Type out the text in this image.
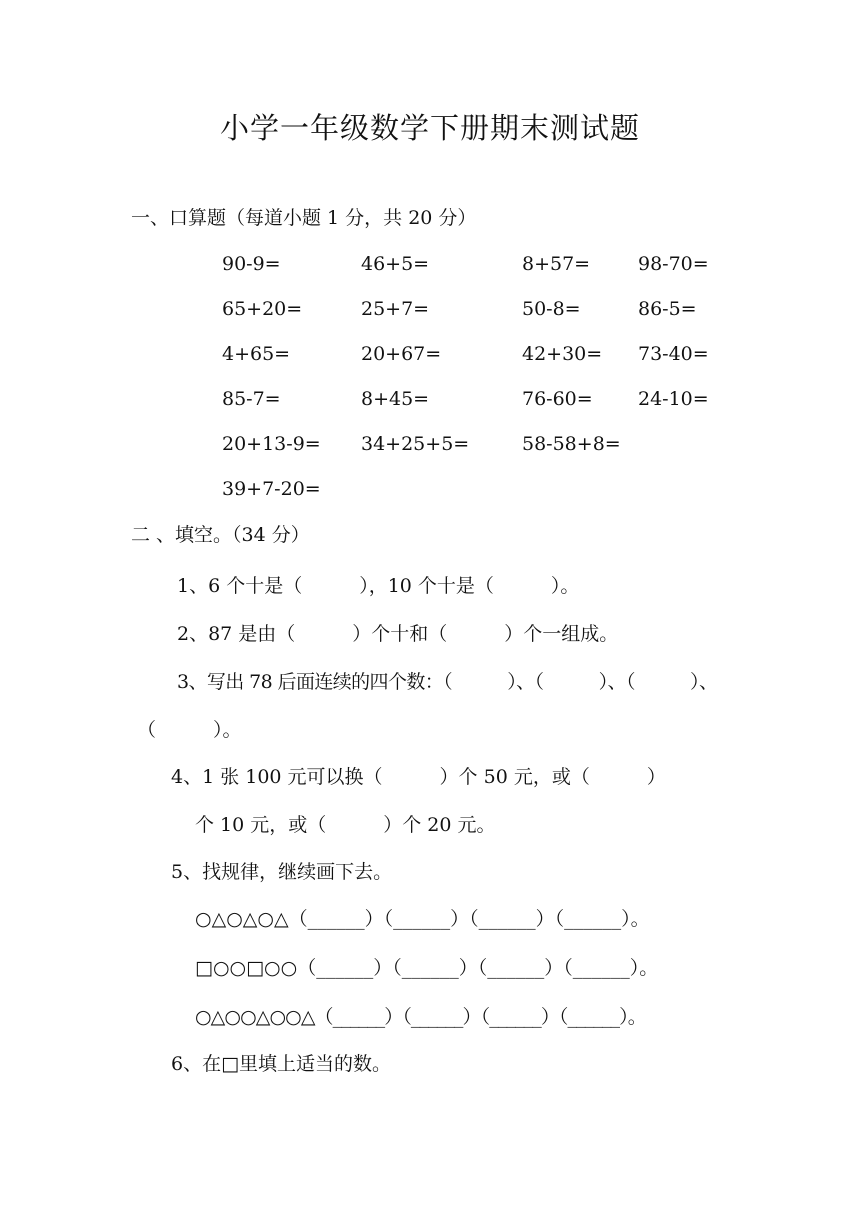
小学一年级数学下册期末测试题
一、口算题（每道小题 1 分，共 20 分）
90-9=	46+5=	8+57=	98-70=
65+20=	25+7=	50-8=	86-5=
4+65=	20+67=	42+30= 73-40=
85-7=	8+45=	76-60= 24-10=
20+13-9= 34+25+5=	58-58+8=
39+7-20=
二 、填空。（34 分）
1、6 个十是（　　　），10 个十是（　　　）。
2、87 是由（　　　）个十和（　　　）个一组成。
3、写出 78 后面连续的四个数：（　　　）、（　　　）、（　　　）、
（　　　）。
4、1 张 100 元可以换（　　　）个 50 元，或（　　　）
个 10 元，或（　　　）个 20 元。
5、找规律，继续画下去。
○△○△○△（______）（______）（______）（______）。
□○○□○○（______）（______）（______）（______）。
○△○○△○○△（______）（______）（______）（______）。
6、在□里填上适当的数。
